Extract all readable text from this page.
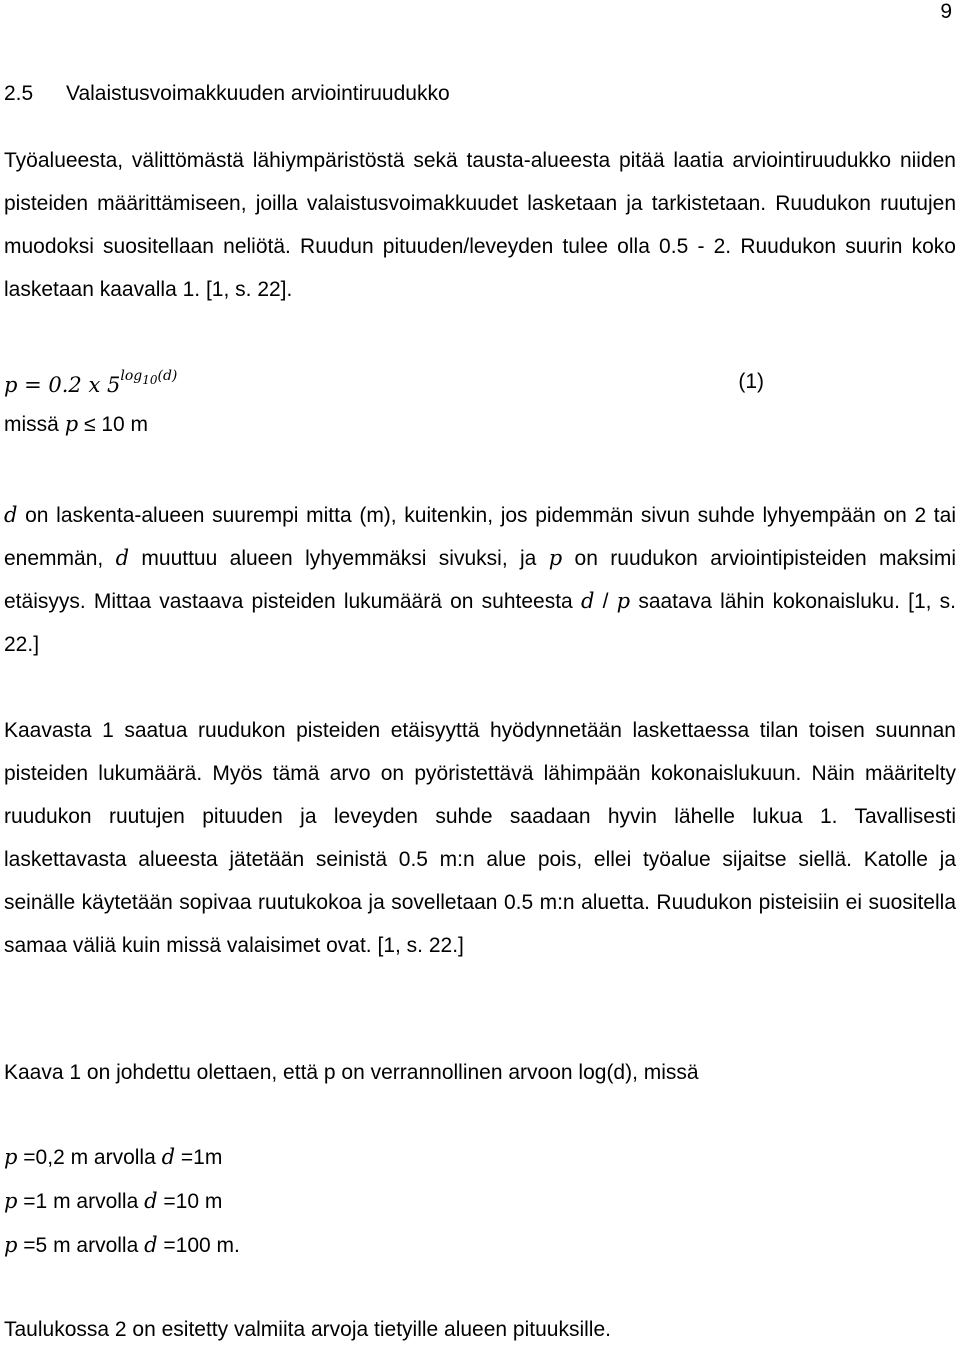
9
2.5 Valaistusvoimakkuuden arviointiruudukko

Työalueesta, välittömästä lähiympäristöstä sekä tausta-alueesta pitää laatia arviointiruudukko niiden pisteiden määrittämiseen, joilla valaistusvoimakkuudet lasketaan ja tarkistetaan. Ruudukon ruutujen muodoksi suositellaan neliötä. Ruudun pituuden/leveyden tulee olla 0.5 - 2. Ruudukon suurin koko lasketaan kaavalla 1. [1, s. 22].

p = 0.2 x $5^{log_{10}(d)}$	(1)
missä p ≤ 10 m

d on laskenta-alueen suurempi mitta (m), kuitenkin, jos pidemmän sivun suhde lyhyempään on 2 tai enemmän, d muuttuu alueen lyhyemmäksi sivuksi, ja p on ruudukon arviointipisteiden maksimi etäisyys. Mittaa vastaava pisteiden lukumäärä on suhteesta d / p saatava lähin kokonaisluku. [1, s. 22.]

Kaavasta 1 saatua ruudukon pisteiden etäisyyttä hyödynnetään laskettaessa tilan toisen suunnan pisteiden lukumäärä. Myös tämä arvo on pyöristettävä lähimpään kokonaislukuun. Näin määritelty ruudukon ruutujen pituuden ja leveyden suhde saadaan hyvin lähelle lukua 1. Tavallisesti laskettavasta alueesta jätetään seinistä 0.5 m:n alue pois, ellei työalue sijaitse siellä. Katolle ja seinälle käytetään sopivaa ruutukokoa ja sovelletaan 0.5 m:n aluetta. Ruudukon pisteisiin ei suositella samaa väliä kuin missä valaisimet ovat. [1, s. 22.]

Kaava 1 on johdettu olettaen, että p on verrannollinen arvoon log(d), missä

p =0,2 m arvolla d =1m
p =1 m arvolla d =10 m
p =5 m arvolla d =100 m.
Taulukossa 2 on esitetty valmiita arvoja tietyille alueen pituuksille.
